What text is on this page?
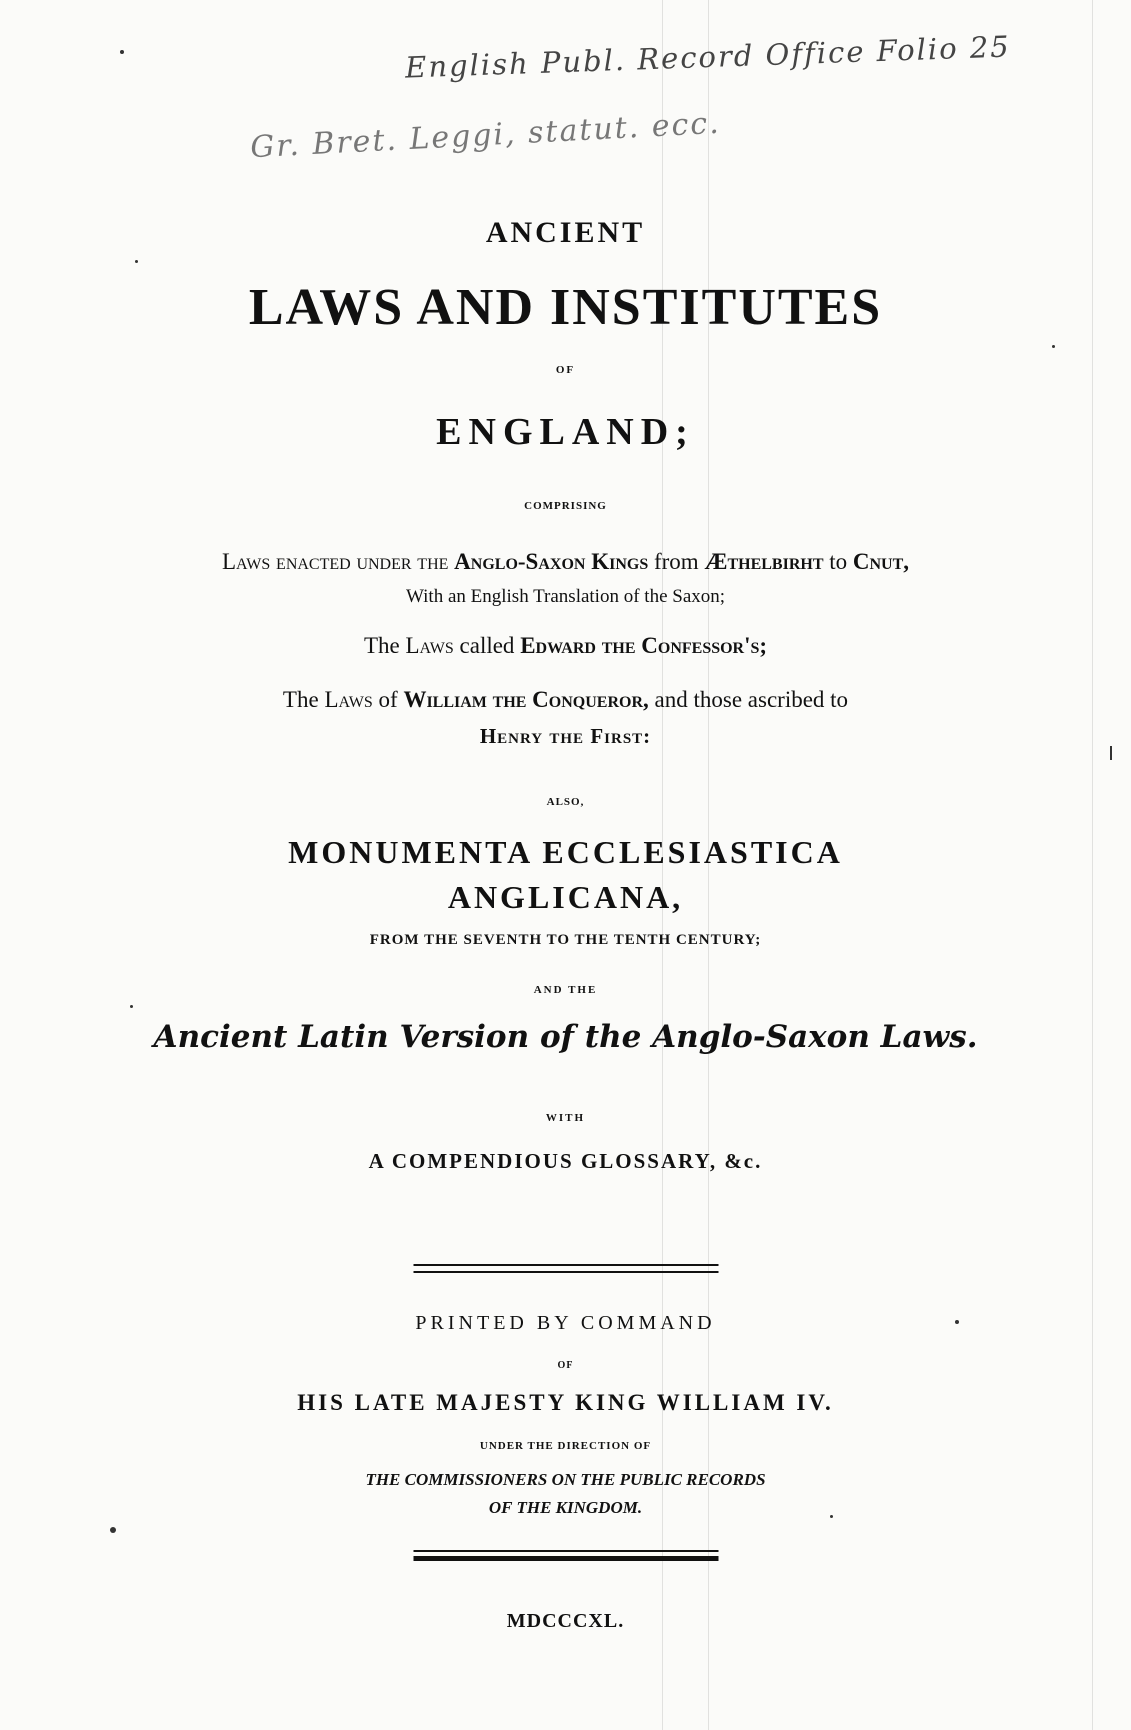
English Publ. Record Office Folio 25
Gr. Bret. Leggi, statut. ecc.
ANCIENT
LAWS AND INSTITUTES
OF
ENGLAND;
COMPRISING
Laws enacted under the Anglo-Saxon Kings from Æthelbirht to Cnut,
With an English Translation of the Saxon;
The Laws called Edward the Confessor's;
The Laws of William the Conqueror, and those ascribed to
Henry the First:
ALSO,
MONUMENTA ECCLESIASTICA
ANGLICANA,
FROM THE SEVENTH TO THE TENTH CENTURY;
AND THE
Ancient Latin Version of the Anglo-Saxon Laws.
WITH
A COMPENDIOUS GLOSSARY, &c.
PRINTED BY COMMAND
OF
HIS LATE MAJESTY KING WILLIAM IV.
UNDER THE DIRECTION OF
THE COMMISSIONERS ON THE PUBLIC RECORDS
OF THE KINGDOM.
MDCCCXL.
